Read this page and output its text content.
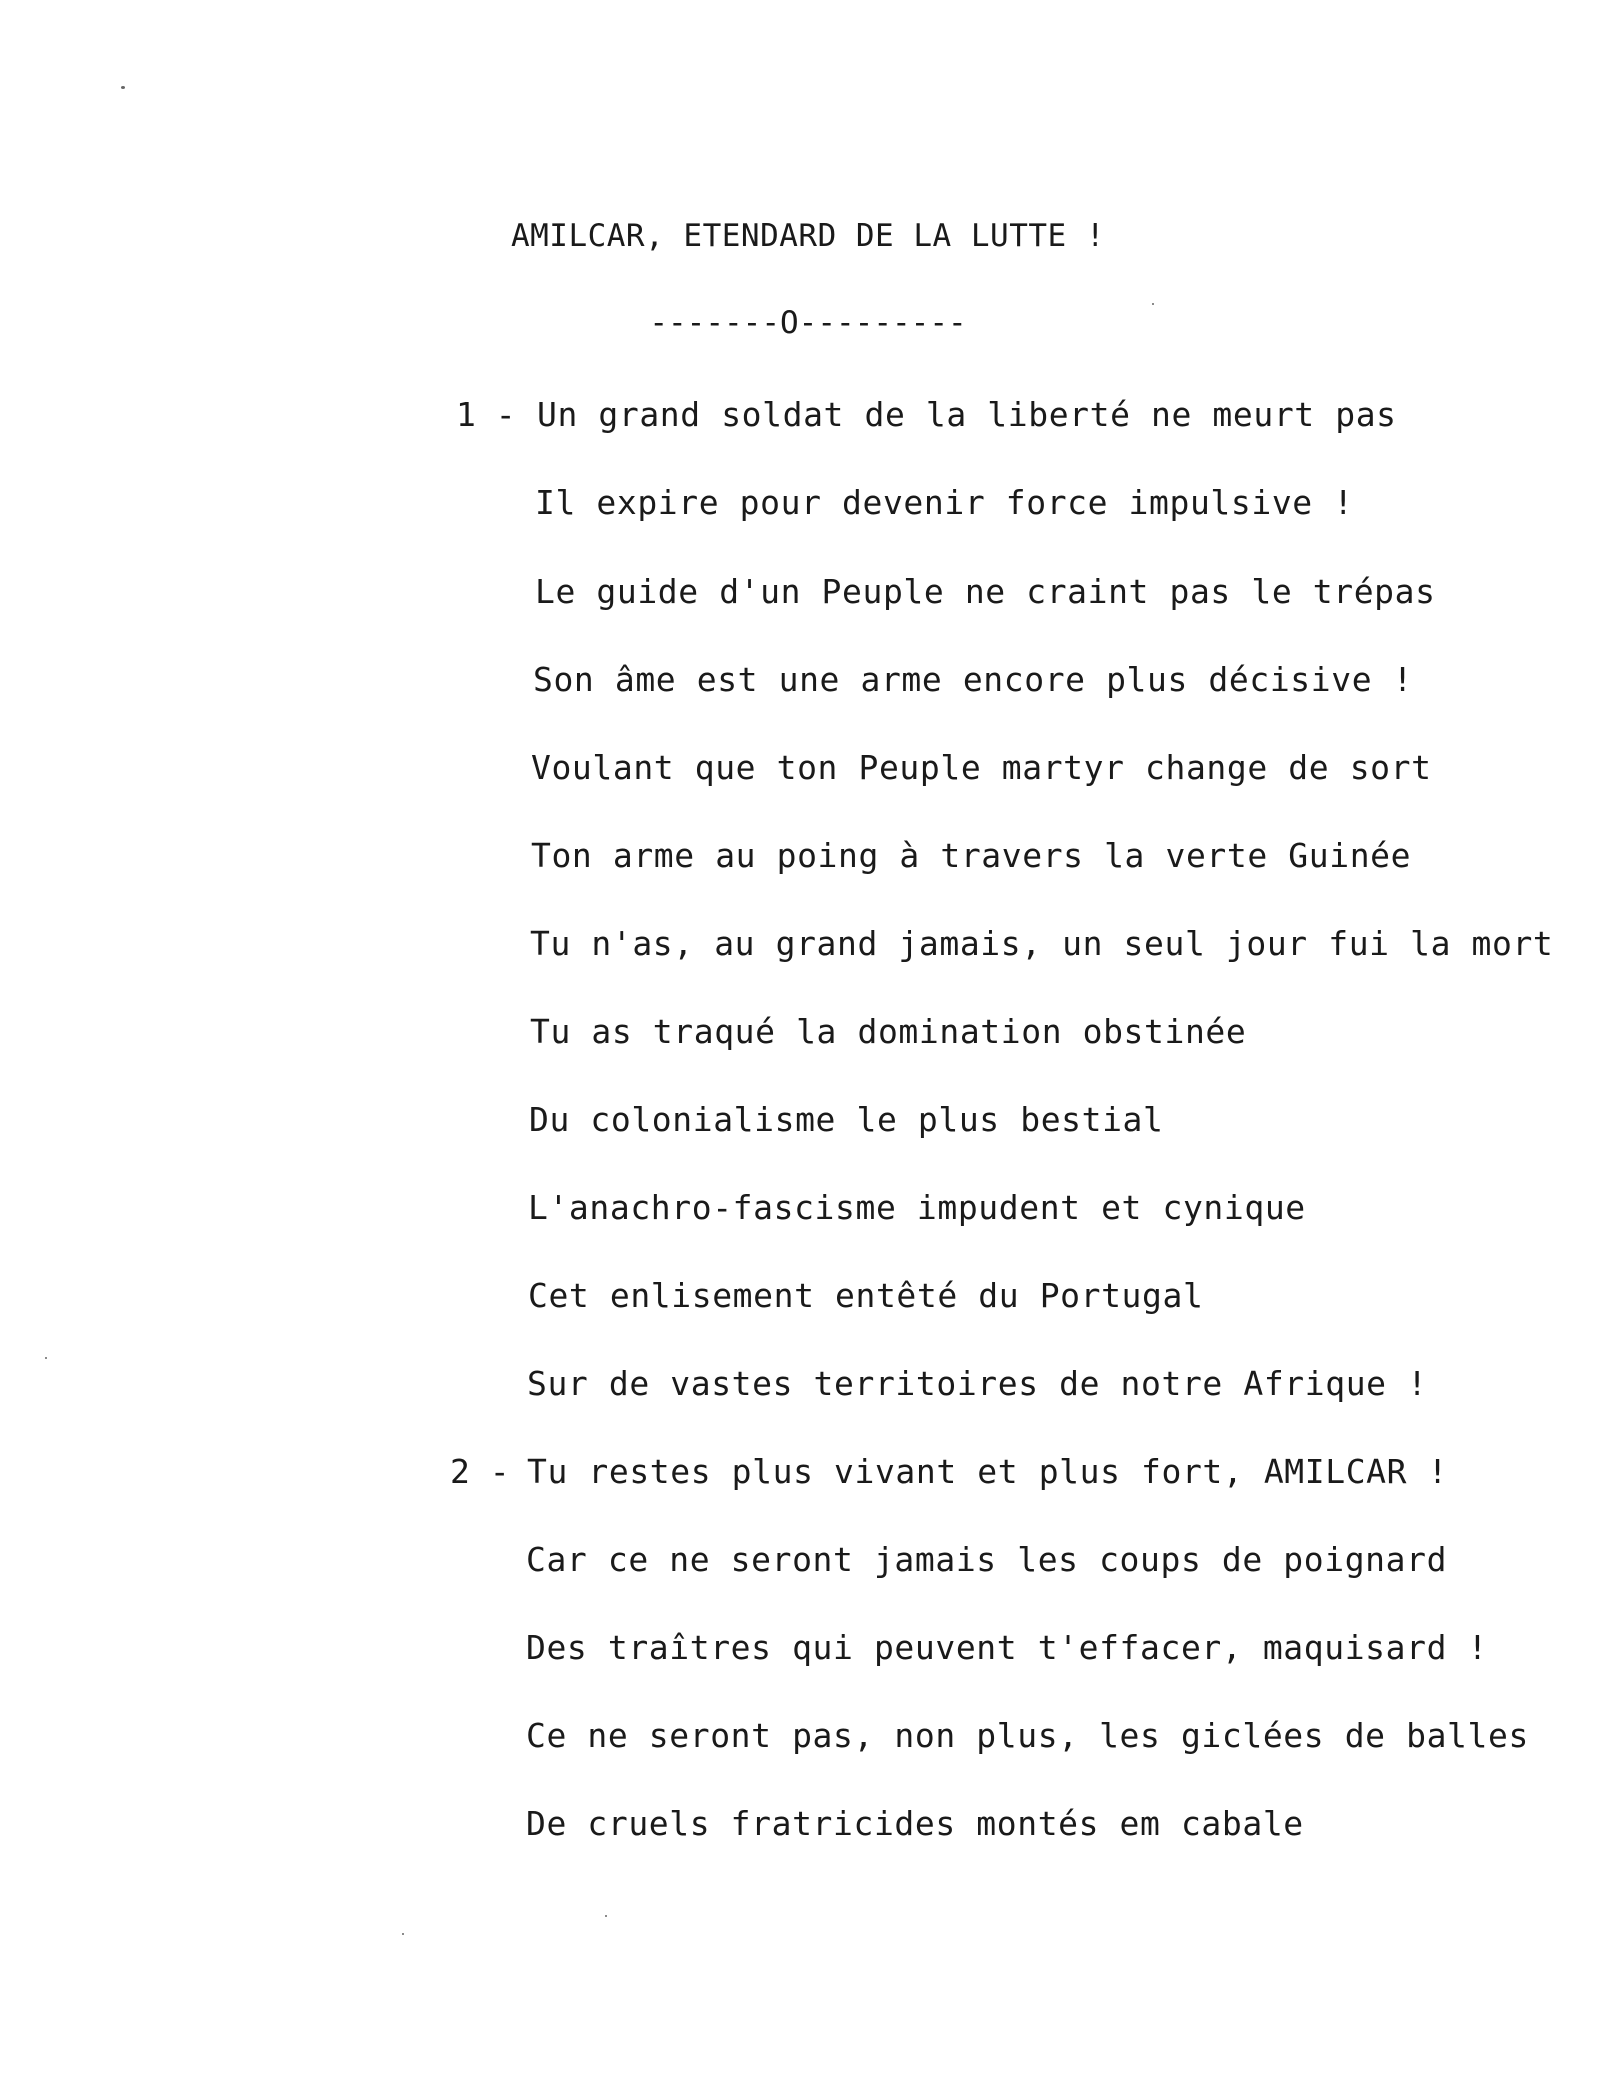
AMILCAR, ETENDARD DE LA LUTTE !
-------O---------
1 - Un grand soldat de la liberté ne meurt pas
Il expire pour devenir force impulsive !
Le guide d'un Peuple ne craint pas le trépas
Son âme est une arme encore plus décisive !
Voulant que ton Peuple martyr change de sort
Ton arme au poing à travers la verte Guinée
Tu n'as, au grand jamais, un seul jour fui la mort
Tu as traqué la domination obstinée
Du colonialisme le plus bestial
L'anachro-fascisme impudent et cynique
Cet enlisement entêté du Portugal
Sur de vastes territoires de notre Afrique !
2 - Tu restes plus vivant et plus fort, AMILCAR !
Car ce ne seront jamais les coups de poignard
Des traîtres qui peuvent t'effacer, maquisard !
Ce ne seront pas, non plus, les giclées de balles
De cruels fratricides montés em cabale
